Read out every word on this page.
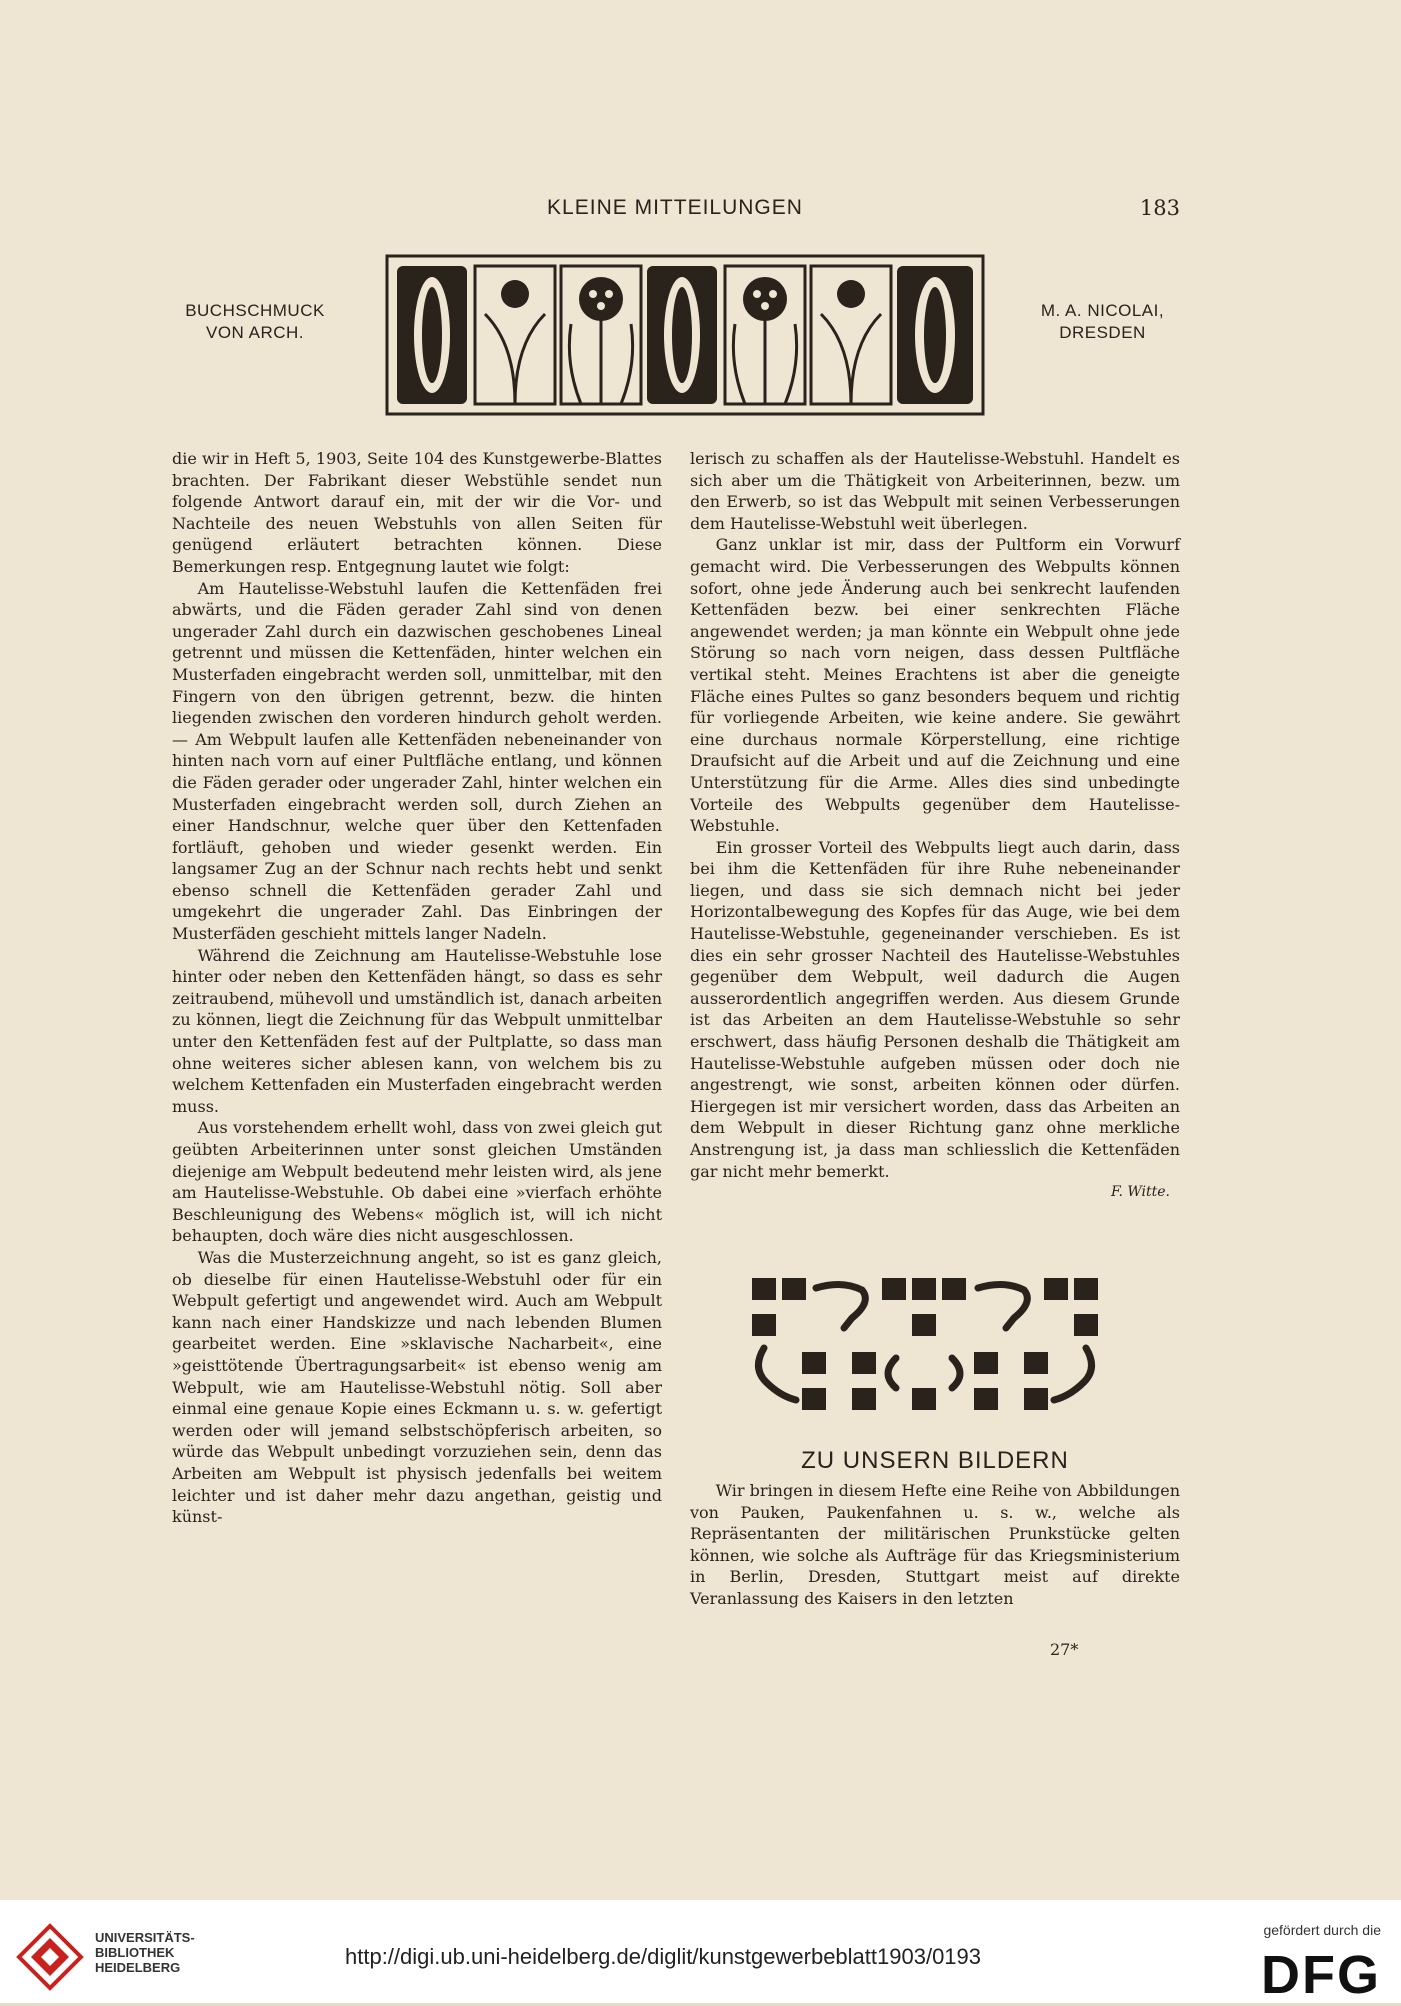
KLEINE MITTEILUNGEN	183
BUCHSCHMUCK VON ARCH.
M. A. NICOLAI, DRESDEN

die wir in Heft 5, 1903, Seite 104 des Kunstgewerbe-Blattes brachten. Der Fabrikant dieser Webstühle sendet nun folgende Antwort darauf ein, mit der wir die Vor- und Nachteile des neuen Webstuhls von allen Seiten für genügend erläutert betrachten können. Diese Bemerkungen resp. Entgegnung lautet wie folgt:

Am Hautelisse-Webstuhl laufen die Kettenfäden frei abwärts, und die Fäden gerader Zahl sind von denen ungerader Zahl durch ein dazwischen geschobenes Lineal getrennt und müssen die Kettenfäden, hinter welchen ein Musterfaden eingebracht werden soll, unmittelbar, mit den Fingern von den übrigen getrennt, bezw. die hinten liegenden zwischen den vorderen hindurch geholt werden. — Am Webpult laufen alle Kettenfäden nebeneinander von hinten nach vorn auf einer Pultfläche entlang, und können die Fäden gerader oder ungerader Zahl, hinter welchen ein Musterfaden eingebracht werden soll, durch Ziehen an einer Handschnur, welche quer über den Kettenfaden fortläuft, gehoben und wieder gesenkt werden. Ein langsamer Zug an der Schnur nach rechts hebt und senkt ebenso schnell die Kettenfäden gerader Zahl und umgekehrt die ungerader Zahl. Das Einbringen der Musterfäden geschieht mittels langer Nadeln.

Während die Zeichnung am Hautelisse-Webstuhle lose hinter oder neben den Kettenfäden hängt, so dass es sehr zeitraubend, mühevoll und umständlich ist, danach arbeiten zu können, liegt die Zeichnung für das Webpult unmittelbar unter den Kettenfäden fest auf der Pultplatte, so dass man ohne weiteres sicher ablesen kann, von welchem bis zu welchem Kettenfaden ein Musterfaden eingebracht werden muss.

Aus vorstehendem erhellt wohl, dass von zwei gleich gut geübten Arbeiterinnen unter sonst gleichen Umständen diejenige am Webpult bedeutend mehr leisten wird, als jene am Hautelisse-Webstuhle. Ob dabei eine »vierfach erhöhte Beschleunigung des Webens« möglich ist, will ich nicht behaupten, doch wäre dies nicht ausgeschlossen.

Was die Musterzeichnung angeht, so ist es ganz gleich, ob dieselbe für einen Hautelisse-Webstuhl oder für ein Webpult gefertigt und angewendet wird. Auch am Webpult kann nach einer Handskizze und nach lebenden Blumen gearbeitet werden. Eine »sklavische Nacharbeit«, eine »geisttötende Übertragungsarbeit« ist ebenso wenig am Webpult, wie am Hautelisse-Webstuhl nötig. Soll aber einmal eine genaue Kopie eines Eckmann u. s. w. gefertigt werden oder will jemand selbstschöpferisch arbeiten, so würde das Webpult unbedingt vorzuziehen sein, denn das Arbeiten am Webpult ist physisch jedenfalls bei weitem leichter und ist daher mehr dazu angethan, geistig und künst-

lerisch zu schaffen als der Hautelisse-Webstuhl. Handelt es sich aber um die Thätigkeit von Arbeiterinnen, bezw. um den Erwerb, so ist das Webpult mit seinen Verbesserungen dem Hautelisse-Webstuhl weit überlegen.

Ganz unklar ist mir, dass der Pultform ein Vorwurf gemacht wird. Die Verbesserungen des Webpults können sofort, ohne jede Änderung auch bei senkrecht laufenden Kettenfäden bezw. bei einer senkrechten Fläche angewendet werden; ja man könnte ein Webpult ohne jede Störung so nach vorn neigen, dass dessen Pultfläche vertikal steht. Meines Erachtens ist aber die geneigte Fläche eines Pultes so ganz besonders bequem und richtig für vorliegende Arbeiten, wie keine andere. Sie gewährt eine durchaus normale Körperstellung, eine richtige Draufsicht auf die Arbeit und auf die Zeichnung und eine Unterstützung für die Arme. Alles dies sind unbedingte Vorteile des Webpults gegenüber dem Hautelisse-Webstuhle.

Ein grosser Vorteil des Webpults liegt auch darin, dass bei ihm die Kettenfäden für ihre Ruhe nebeneinander liegen, und dass sie sich demnach nicht bei jeder Horizontalbewegung des Kopfes für das Auge, wie bei dem Hautelisse-Webstuhle, gegeneinander verschieben. Es ist dies ein sehr grosser Nachteil des Hautelisse-Webstuhles gegenüber dem Webpult, weil dadurch die Augen ausserordentlich angegriffen werden. Aus diesem Grunde ist das Arbeiten an dem Hautelisse-Webstuhle so sehr erschwert, dass häufig Personen deshalb die Thätigkeit am Hautelisse-Webstuhle aufgeben müssen oder doch nie angestrengt, wie sonst, arbeiten können oder dürfen. Hiergegen ist mir versichert worden, dass das Arbeiten an dem Webpult in dieser Richtung ganz ohne merkliche Anstrengung ist, ja dass man schliesslich die Kettenfäden gar nicht mehr bemerkt.

F. Witte.
ZU UNSERN BILDERN

Wir bringen in diesem Hefte eine Reihe von Abbildungen von Pauken, Paukenfahnen u. s. w., welche als Repräsentanten der militärischen Prunkstücke gelten können, wie solche als Aufträge für das Kriegsministerium in Berlin, Dresden, Stuttgart meist auf direkte Veranlassung des Kaisers in den letzten

27*
UNIVERSITÄTS-
BIBLIOTHEK
HEIDELBERG	http://digi.ub.uni-heidelberg.de/diglit/kunstgewerbeblatt1903/0193
gefördert durch die
DFG
